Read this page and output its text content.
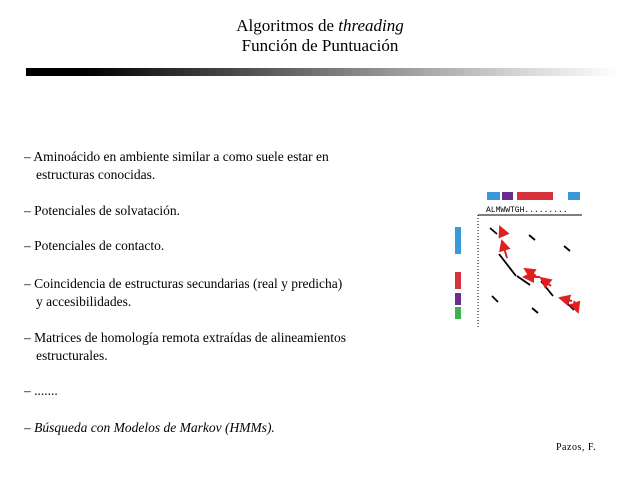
Algoritmos de threading
Función de Puntuación
– Aminoácido en ambiente similar a como suele estar en
estructuras conocidas.
– Potenciales de solvatación.
– Potenciales de contacto.
– Coincidencia de estructuras secundarias (real y predicha)
y accesibilidades.
– Matrices de homología remota extraídas de alineamientos
estructurales.
– .......
– Búsqueda con Modelos de Markov (HMMs).
ALMWWTGH.........
Pazos, F.
